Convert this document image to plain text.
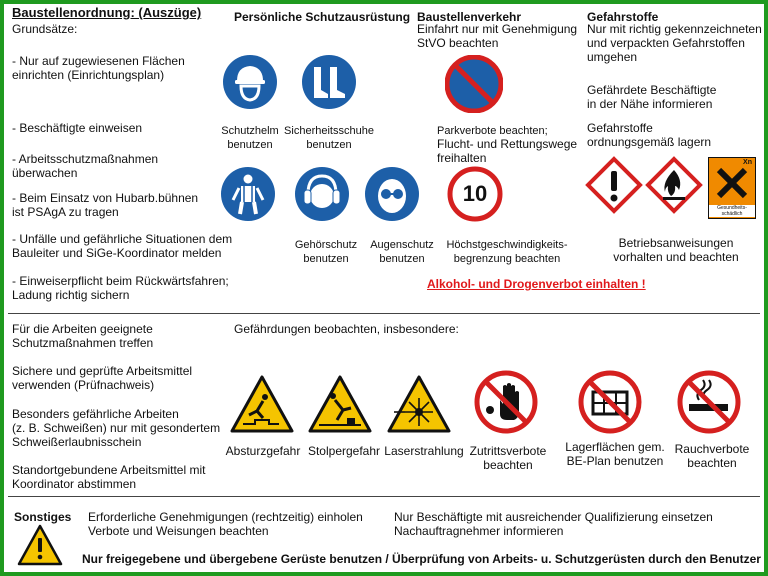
Baustellenordnung: (Auszüge)	Persönliche Schutzausrüstung Baustellenverkehr	Gefahrstoffe
Grundsätze:
- Nur auf zugewiesenen Flächen
einrichten (Einrichtungsplan)
- Beschäftigte einweisen
- Arbeitsschutzmaßnahmen
überwachen
- Beim Einsatz von Hubarb.bühnen
ist PSAgA zu tragen
- Unfälle und gefährliche Situationen dem
Bauleiter und SiGe-Koordinator melden
- Einweiserpflicht beim Rückwärtsfahren;
Ladung richtig sichern
Schutzhelm
benutzen
Sicherheitsschuhe
benutzen
Gehörschutz
benutzen
Augenschutz
benutzen
Einfahrt nur mit Genehmigung
StVO beachten
Parkverbote beachten;
Flucht- und Rettungswege
freihalten
10
Höchstgeschwindigkeits-
begrenzung beachten
Nur mit richtig gekennzeichneten
und verpackten Gefahrstoffen
umgehen
Gefährdete Beschäftigte
in der Nähe informieren
Gefahrstoffe
ordnungsgemäß lagern
Xn
Gesundheits-
schädlich
Betriebsanweisungen
vorhalten und beachten
Alkohol- und Drogenverbot einhalten !
Für die Arbeiten geeignete
Schutzmaßnahmen treffen
Sichere und geprüfte Arbeitsmittel
verwenden (Prüfnachweis)
Besonders gefährliche Arbeiten
(z. B. Schweißen) nur mit gesondertem
Schweißerlaubnisschein
Standortgebundene Arbeitsmittel mit
Koordinator abstimmen
Gefährdungen beobachten, insbesondere:
Absturzgefahr Stolpergefahr Laserstrahlung Zutrittsverbote
beachten
Lagerflächen gem.
BE-Plan benutzen
Rauchverbote
beachten
Sonstiges Erforderliche Genehmigungen (rechtzeitig) einholen
Verbote und Weisungen beachten
Nur Beschäftigte mit ausreichender Qualifizierung einsetzen
Nachauftragnehmer informieren
Nur freigegebene und übergebene Gerüste benutzen / Überprüfung von Arbeits- u. Schutzgerüsten durch den Benutzer
